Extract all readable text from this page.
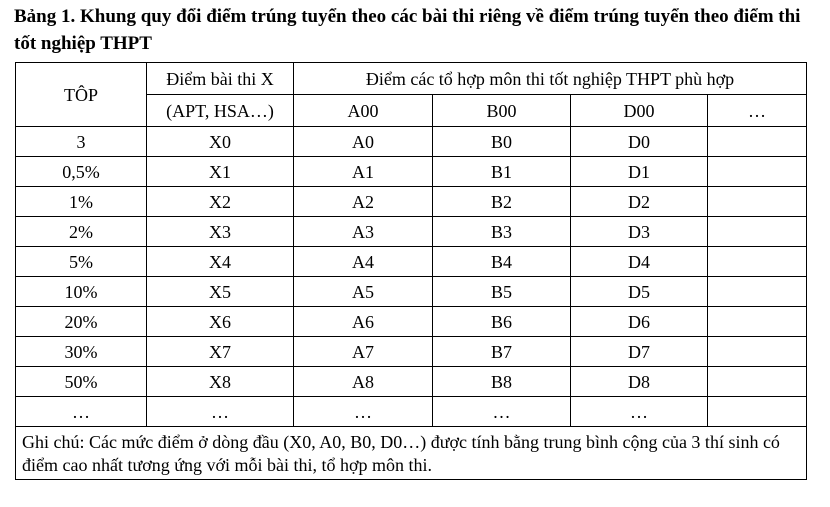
Bảng 1. Khung quy đổi điểm trúng tuyển theo các bài thi riêng về điểm trúng tuyển theo điểm thi tốt nghiệp THPT
TÔP	Điểm bài thi X	Điểm các tổ hợp môn thi tốt nghiệp THPT phù hợp			
	(APT, HSA…)	A00	B00	D00	…
3	X0	A0	B0	D0	
0,5%	X1	A1	B1	D1	
1%	X2	A2	B2	D2	
2%	X3	A3	B3	D3	
5%	X4	A4	B4	D4	
10%	X5	A5	B5	D5	
20%	X6	A6	B6	D6	
30%	X7	A7	B7	D7	
50%	X8	A8	B8	D8	
…	…	…	…	…	
Ghi chú: Các mức điểm ở dòng đầu (X0, A0, B0, D0…) được tính bằng trung bình cộng của 3 thí sinh có điểm cao nhất tương ứng với mỗi bài thi, tổ hợp môn thi.					
